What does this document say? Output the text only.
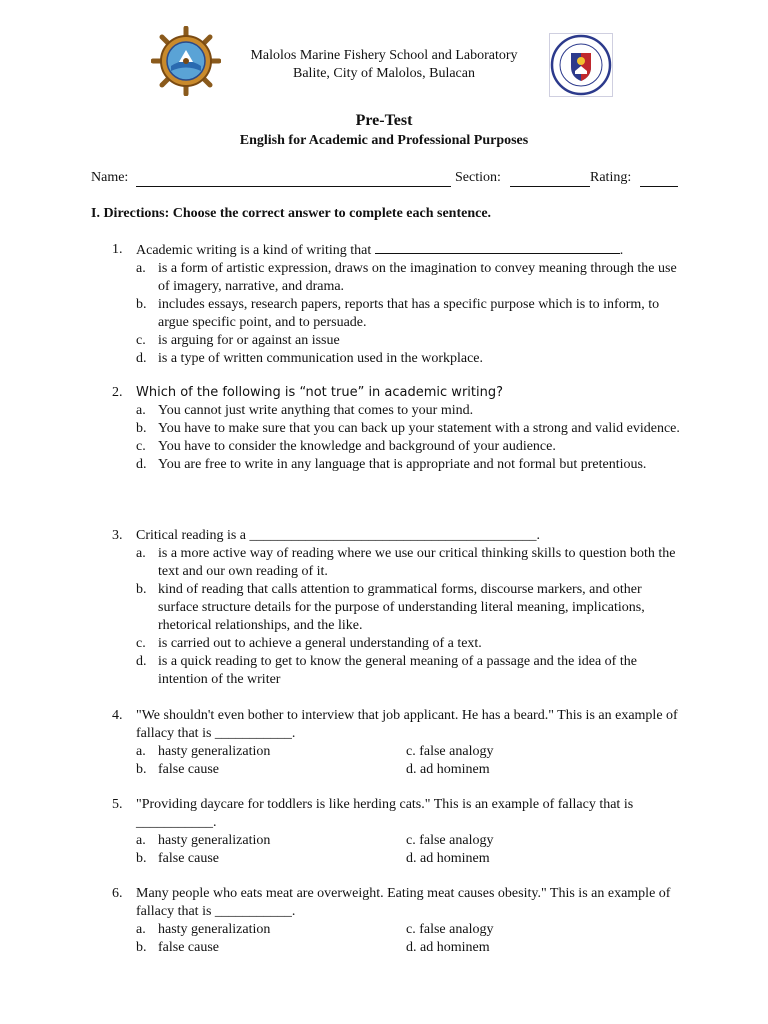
Malolos Marine Fishery School and Laboratory
Balite, City of Malolos, Bulacan
Pre-Test
English for Academic and Professional Purposes
Name:	Section:	Rating:
I. Directions: Choose the correct answer to complete each sentence.
1. Academic writing is a kind of writing that	.
a. is a form of artistic expression, draws on the imagination to convey meaning through the use of imagery, narrative, and drama.
b. includes essays, research papers, reports that has a specific purpose which is to inform, to argue specific point, and to persuade.
c. is arguing for or against an issue
d. is a type of written communication used in the workplace.
2. Which of the following is “not true” in academic writing?
a. You cannot just write anything that comes to your mind.
b. You have to make sure that you can back up your statement with a strong and valid evidence.
c. You have to consider the knowledge and background of your audience.
d. You are free to write in any language that is appropriate and not formal but pretentious.
3. Critical reading is a _________________________________________.
a. is a more active way of reading where we use our critical thinking skills to question both the text and our own reading of it.
b. kind of reading that calls attention to grammatical forms, discourse markers, and other surface structure details for the purpose of understanding literal meaning, implications, rhetorical relationships, and the like.
c. is carried out to achieve a general understanding of a text.
d. is a quick reading to get to know the general meaning of a passage and the idea of the intention of the writer
4. "We shouldn't even bother to interview that job applicant. He has a beard." This is an example of fallacy that is ___________.
a. hasty generalization	c. false analogy
b. false cause	d. ad hominem
5. "Providing daycare for toddlers is like herding cats." This is an example of fallacy that is ___________.
a. hasty generalization	c. false analogy
b. false cause	d. ad hominem
6. Many people who eats meat are overweight. Eating meat causes obesity." This is an example of fallacy that is ___________.
a. hasty generalization	c. false analogy
b. false cause	d. ad hominem
